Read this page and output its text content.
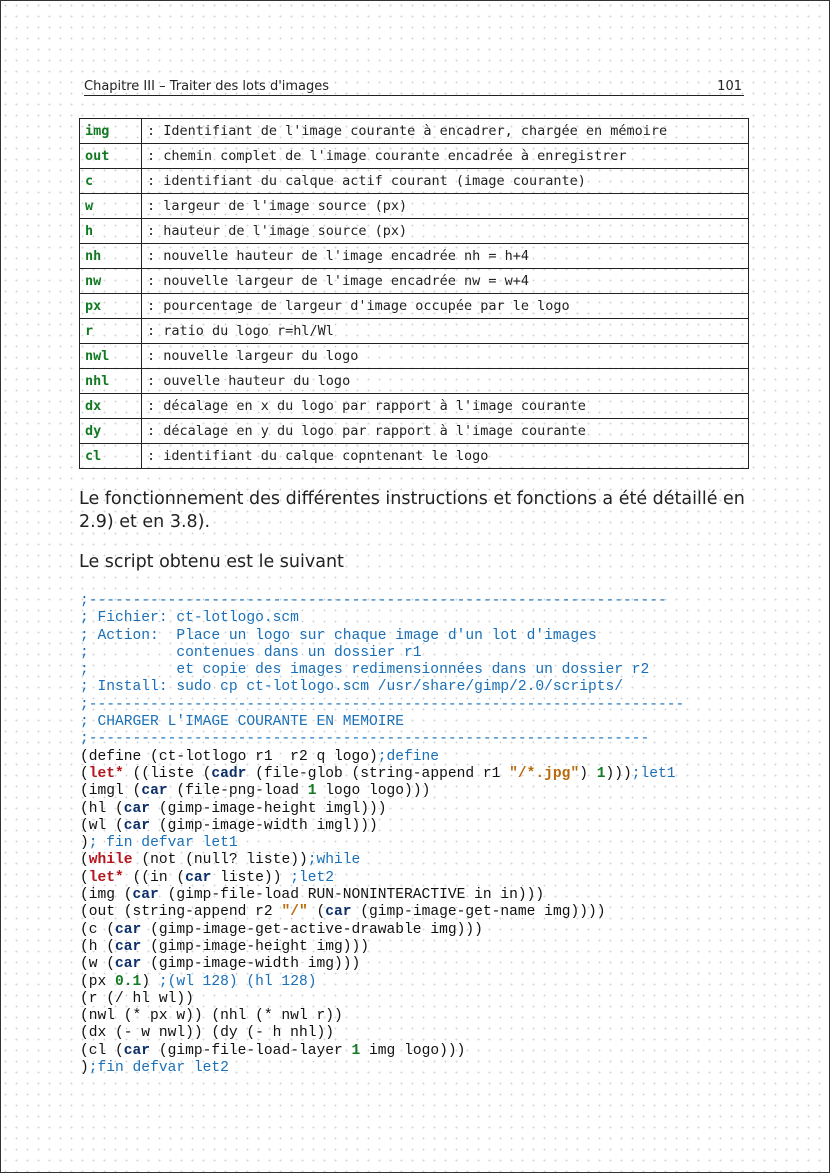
Chapitre III – Traiter des lots d'images	101
img	: Identifiant de l'image courante à encadrer, chargée en mémoire
out	: chemin complet de l'image courante encadrée à enregistrer
c	: identifiant du calque actif courant (image courante)
w	: largeur de l'image source (px)
h	: hauteur de l'image source (px)
nh	: nouvelle hauteur de l'image encadrée nh = h+4
nw	: nouvelle largeur de l'image encadrée nw = w+4
px	: pourcentage de largeur d'image occupée par le logo
r	: ratio du logo r=hl/Wl
nwl	: nouvelle largeur du logo
nhl	: ouvelle hauteur du logo
dx	: décalage en x du logo par rapport à l'image courante
dy	: décalage en y du logo par rapport à l'image courante
cl	: identifiant du calque copntenant le logo
Le fonctionnement des différentes instructions et fonctions a été détaillé en 2.9) et en 3.8).
Le script obtenu est le suivant
;------------------------------------------------------------------
; Fichier: ct-lotlogo.scm
; Action:  Place un logo sur chaque image d'un lot d'images
;          contenues dans un dossier r1
;          et copie des images redimensionnées dans un dossier r2
; Install: sudo cp ct-lotlogo.scm /usr/share/gimp/2.0/scripts/
;--------------------------------------------------------------------
; CHARGER L'IMAGE COURANTE EN MEMOIRE
;----------------------------------------------------------------
(define (ct-lotlogo r1  r2 q logo);define
(let* ((liste (cadr (file-glob (string-append r1 "/*.jpg") 1)));let1
(imgl (car (file-png-load 1 logo logo)))
(hl (car (gimp-image-height imgl)))
(wl (car (gimp-image-width imgl)))
); fin defvar let1
(while (not (null? liste));while
(let* ((in (car liste)) ;let2
(img (car (gimp-file-load RUN-NONINTERACTIVE in in)))
(out (string-append r2 "/" (car (gimp-image-get-name img))))
(c (car (gimp-image-get-active-drawable img)))
(h (car (gimp-image-height img)))
(w (car (gimp-image-width img)))
(px 0.1) ;(wl 128) (hl 128)
(r (/ hl wl))
(nwl (* px w)) (nhl (* nwl r))
(dx (- w nwl)) (dy (- h nhl))
(cl (car (gimp-file-load-layer 1 img logo)))
);fin defvar let2
